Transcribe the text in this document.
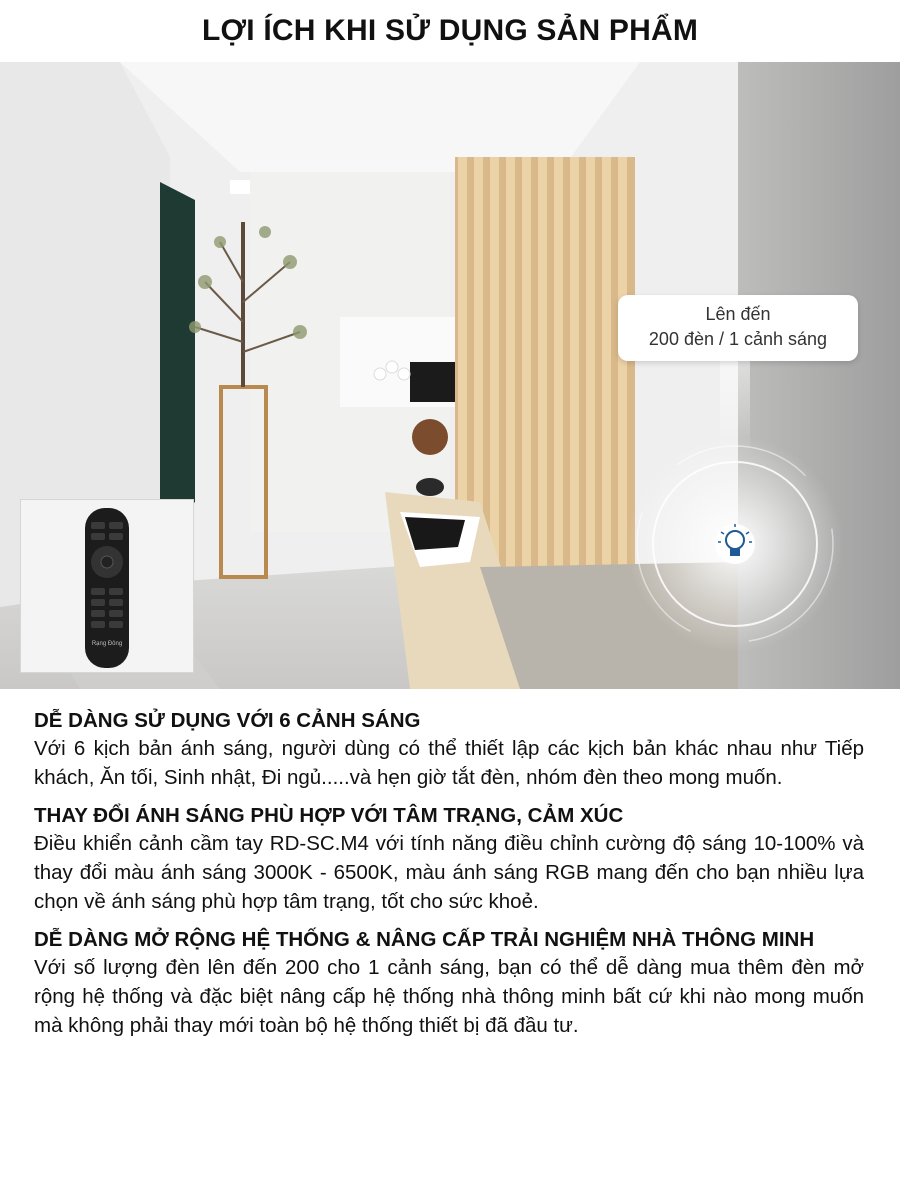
LỢI ÍCH KHI SỬ DỤNG SẢN PHẨM
Lên đến
200 đèn / 1 cảnh sáng
Rạng Đông
DỄ DÀNG SỬ DỤNG VỚI 6 CẢNH SÁNG

Với 6 kịch bản ánh sáng, người dùng có thể thiết lập các kịch bản khác nhau như Tiếp khách, Ăn tối, Sinh nhật, Đi ngủ.....và hẹn giờ tắt đèn, nhóm đèn theo mong muốn.

THAY ĐỔI ÁNH SÁNG PHÙ HỢP VỚI TÂM TRẠNG, CẢM XÚC

Điều khiển cảnh cầm tay RD-SC.M4 với tính năng điều chỉnh cường độ sáng 10-100% và thay đổi màu ánh sáng 3000K - 6500K, màu ánh sáng RGB mang đến cho bạn nhiều lựa chọn về ánh sáng phù hợp tâm trạng, tốt cho sức khoẻ.

DỄ DÀNG MỞ RỘNG HỆ THỐNG & NÂNG CẤP TRẢI NGHIỆM NHÀ THÔNG MINH

Với số lượng đèn lên đến 200 cho 1 cảnh sáng, bạn có thể dễ dàng mua thêm đèn mở rộng hệ thống và đặc biệt nâng cấp hệ thống nhà thông minh bất cứ khi nào mong muốn mà không phải thay mới toàn bộ hệ thống thiết bị đã đầu tư.
